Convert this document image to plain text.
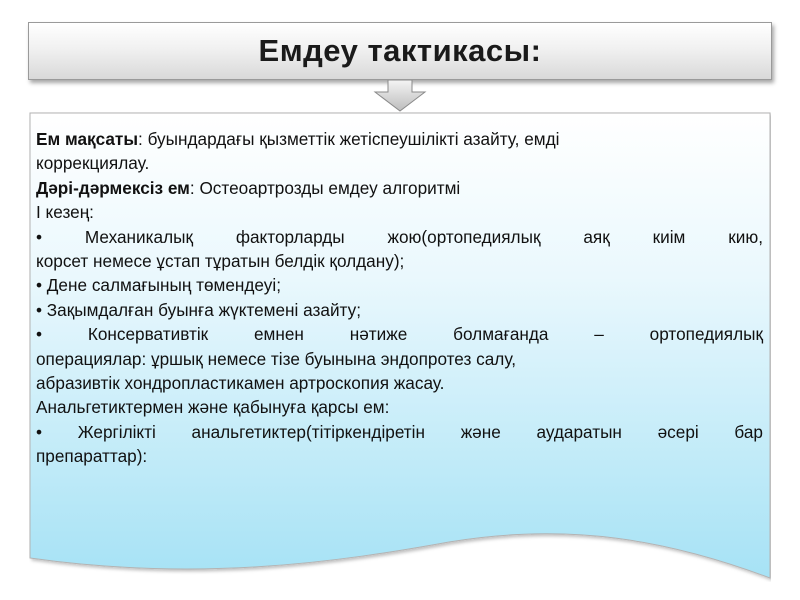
Емдеу тактикасы:
Ем мақсаты: буындардағы қызметтік жетіспеушілікті азайту, емді
коррекциялау.
Дәрі-дәрмексіз ем: Остеоартрозды емдеу алгоритмі
І кезең:
• Механикалық факторларды жою(ортопедиялық аяқ киім кию,
корсет немесе ұстап тұратын белдік қолдану);
• Дене салмағының төмендеуі;
• Зақымдалған буынға жүктемені азайту;
•	Консервативтік	емнен	нәтиже	болмағанда	–	ортопедиялық
операциялар: ұршық немесе тізе буынына эндопротез салу,
абразивтік хондропластикамен артроскопия жасау.
Анальгетиктермен және қабынуға қарсы ем:
• Жергілікті анальгетиктер(тітіркендіретін және аударатын әсері бар
препараттар):
